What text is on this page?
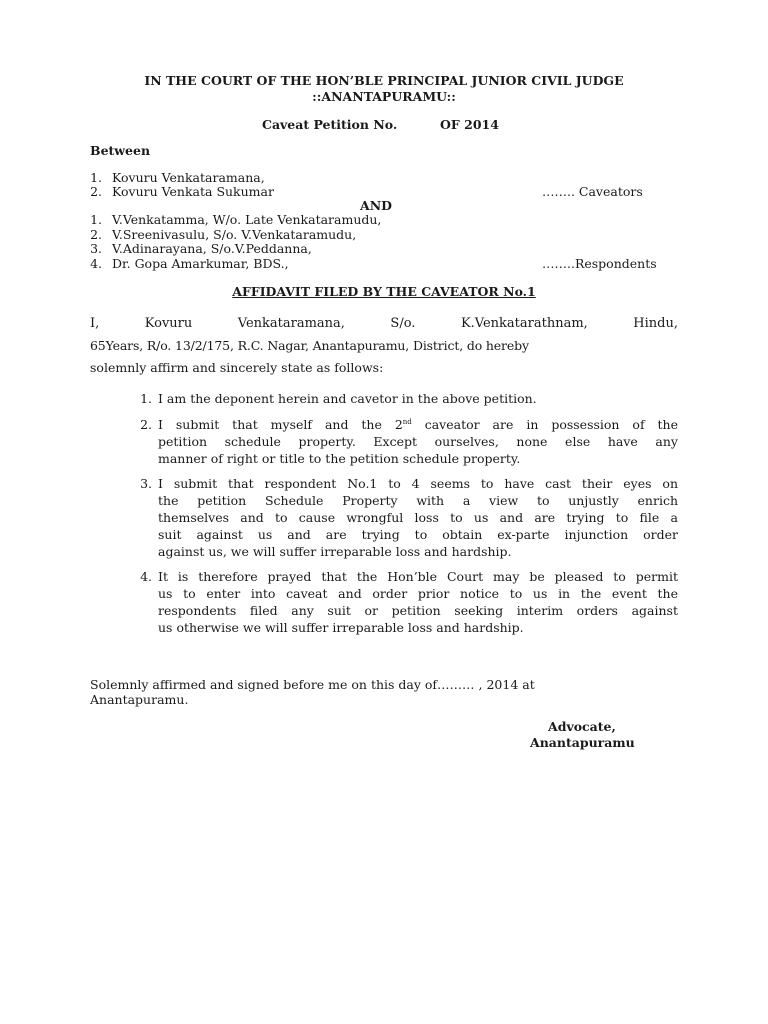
IN THE COURT OF THE HON’BLE PRINCIPAL JUNIOR CIVIL JUDGE
::ANANTAPURAMU::
Caveat Petition No.	OF 2014
Between
1. Kovuru Venkataramana,
2. Kovuru Venkata Sukumar	…….. Caveators
AND
1. V.Venkatamma, W/o. Late Venkataramudu,
2. V.Sreenivasulu, S/o. V.Venkataramudu,
3. V.Adinarayana, S/o.V.Peddanna,
4. Dr. Gopa Amarkumar, BDS.,	……..Respondents
AFFIDAVIT FILED BY THE CAVEATOR No.1
I, Kovuru Venkataramana, S/o. K.Venkatarathnam, Hindu,
65Years, R/o. 13/2/175, R.C. Nagar, Anantapuramu, District, do hereby
solemnly affirm and sincerely state as follows:
1. I am the deponent herein and cavetor in the above petition.
2. I submit that myself and the 2nd caveator are in possession of the
petition schedule property. Except ourselves, none else have any
manner of right or title to the petition schedule property.
3. I submit that respondent No.1 to 4 seems to have cast their eyes on
the petition Schedule Property with a view to unjustly enrich
themselves and to cause wrongful loss to us and are trying to file a
suit against us and are trying to obtain ex-parte injunction order
against us, we will suffer irreparable loss and hardship.
4. It is therefore prayed that the Hon’ble Court may be pleased to permit
us to enter into caveat and order prior notice to us in the event the
respondents filed any suit or petition seeking interim orders against
us otherwise we will suffer irreparable loss and hardship.
Solemnly affirmed and signed before me on this day of……… , 2014 at
Anantapuramu.
Advocate,
Anantapuramu
